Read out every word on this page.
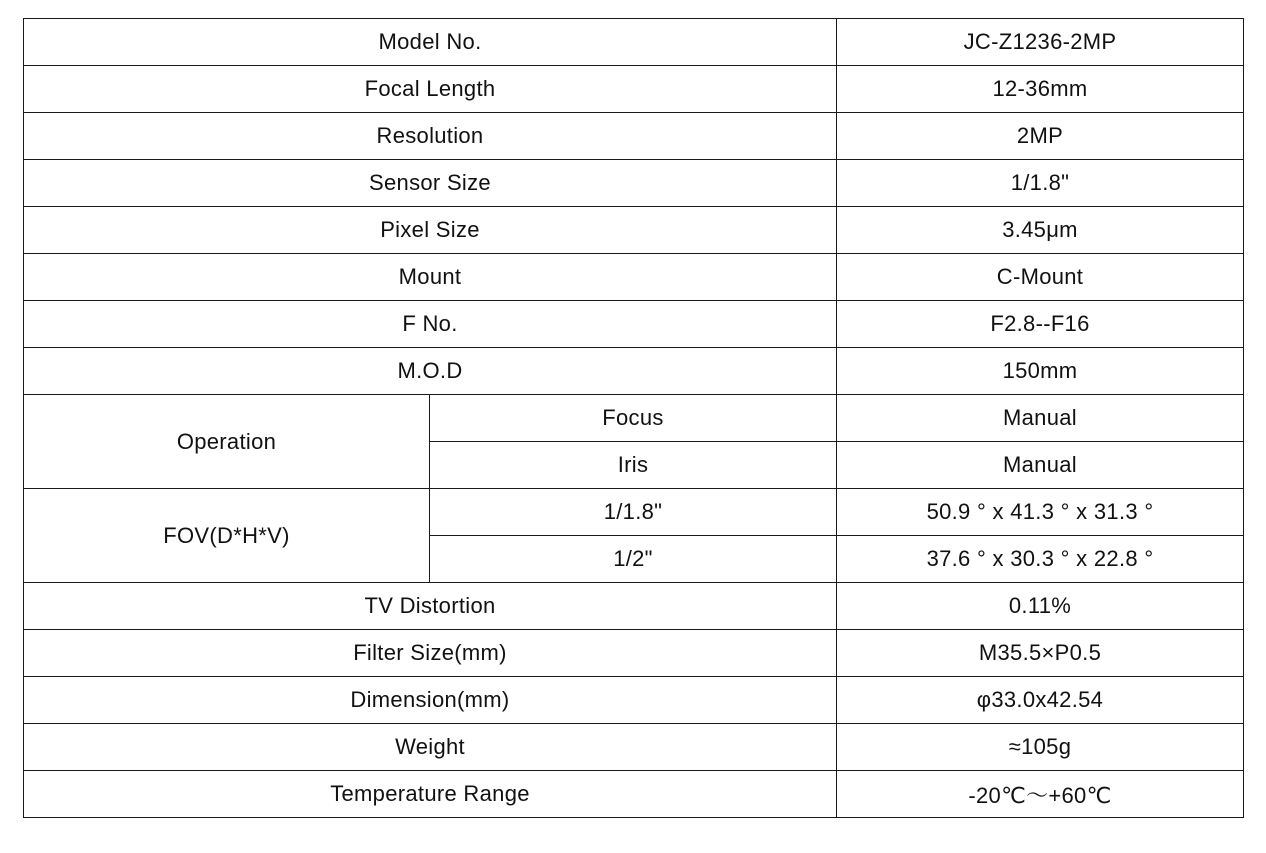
Model No.		JC-Z1236-2MP
Focal Length		12-36mm
Resolution		2MP
Sensor Size		1/1.8"
Pixel Size		3.45μm
Mount		C-Mount
F No.		F2.8--F16
M.O.D		150mm
Operation	Focus	Manual
	Iris	Manual
FOV(D*H*V)	1/1.8"	50.9 ° x 41.3 ° x 31.3 °
	1/2"	37.6 ° x 30.3 ° x 22.8 °
TV Distortion		0.11%
Filter Size(mm)		M35.5×P0.5
Dimension(mm)		φ33.0x42.54
Weight		≈105g
Temperature Range		-20℃～+60℃
